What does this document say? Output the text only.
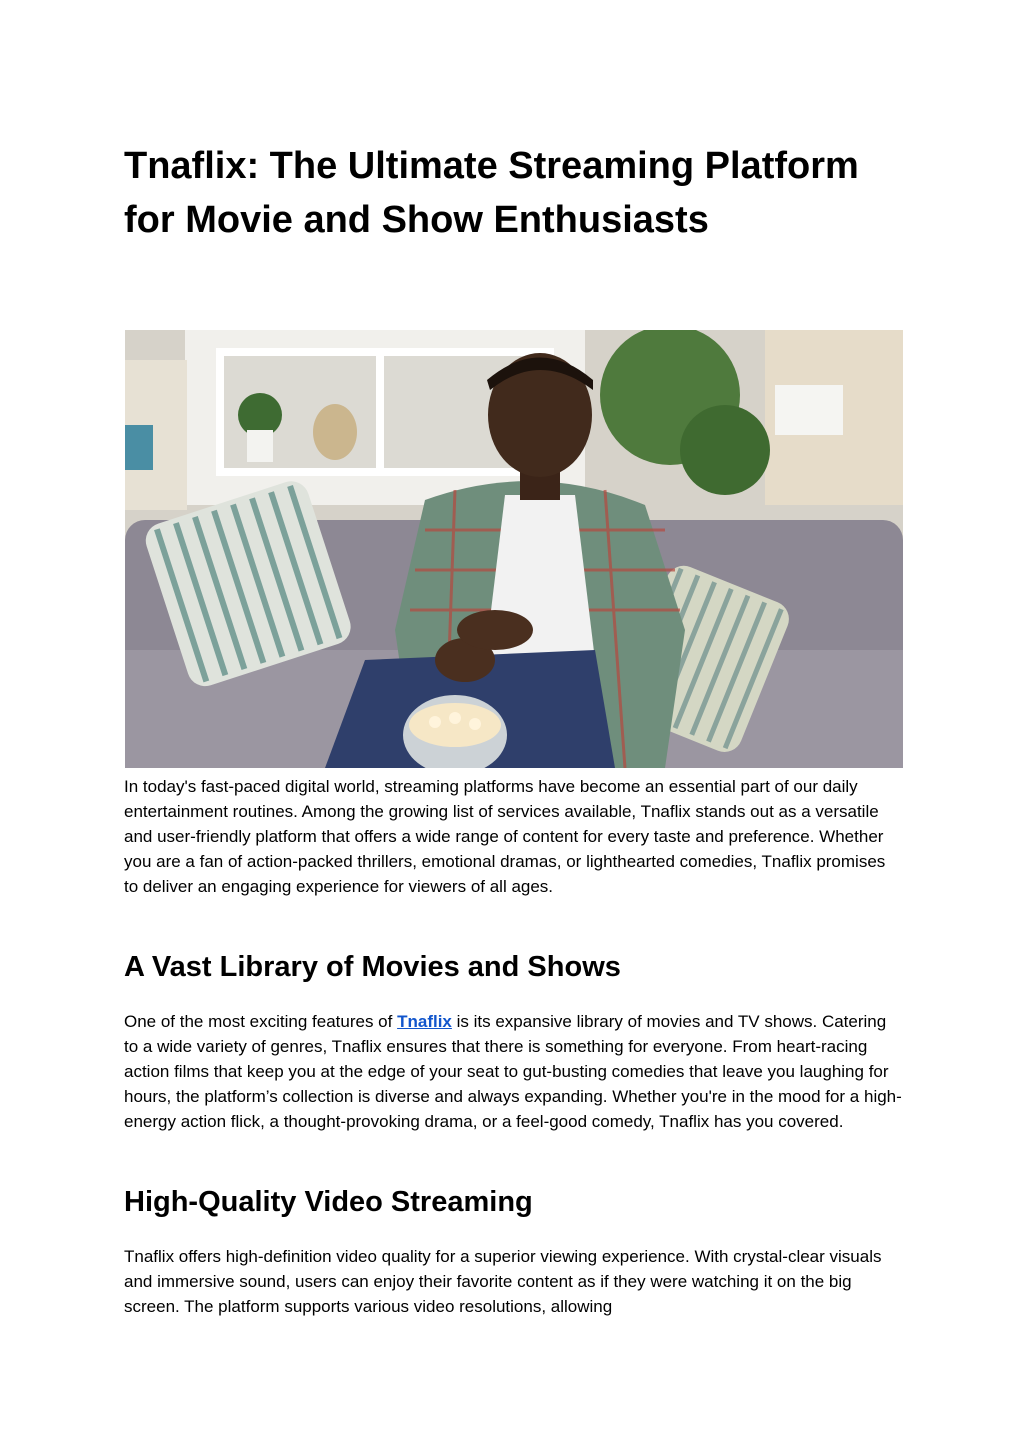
Tnaflix: The Ultimate Streaming Platform for Movie and Show Enthusiasts

In today's fast-paced digital world, streaming platforms have become an essential part of our daily entertainment routines. Among the growing list of services available, Tnaflix stands out as a versatile and user-friendly platform that offers a wide range of content for every taste and preference. Whether you are a fan of action-packed thrillers, emotional dramas, or lighthearted comedies, Tnaflix promises to deliver an engaging experience for viewers of all ages.

A Vast Library of Movies and Shows

One of the most exciting features of Tnaflix is its expansive library of movies and TV shows. Catering to a wide variety of genres, Tnaflix ensures that there is something for everyone. From heart-racing action films that keep you at the edge of your seat to gut-busting comedies that leave you laughing for hours, the platform’s collection is diverse and always expanding. Whether you're in the mood for a high-energy action flick, a thought-provoking drama, or a feel-good comedy, Tnaflix has you covered.

High-Quality Video Streaming

Tnaflix offers high-definition video quality for a superior viewing experience. With crystal-clear visuals and immersive sound, users can enjoy their favorite content as if they were watching it on the big screen. The platform supports various video resolutions, allowing
